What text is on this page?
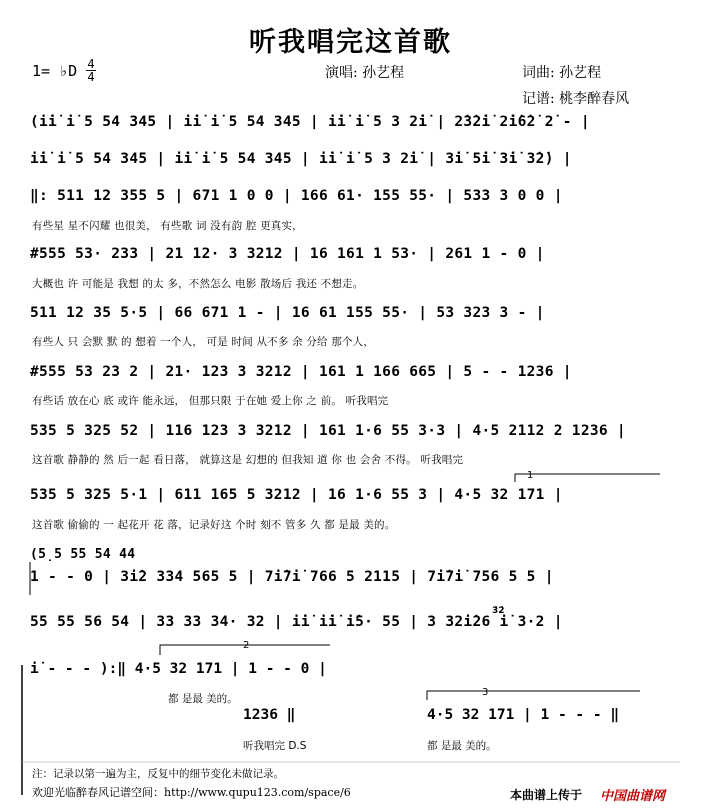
听我唱完这首歌
1= ♭D 4
4	演唱: 孙艺程	词曲: 孙艺程
记谱: 桃李醉春风
(i̇i̇ i̇ 5 54 345 | i̇i̇ i̇ 5 54 345 | i̇i̇ i̇ 5 3 2̇i̇ | 2̇3̇2̇i̇ 2̇i̇6̇2̇ 2̇ - |
i̇i̇ i̇ 5 54 345 | i̇i̇ i̇ 5 54 345 | i̇i̇ i̇ 5 3 2̇i̇ | 3̇i̇ 5̇i̇ 3̇i̇ 3̇2̇) |
‖: 511 12 355 5 | 671 1 0 0 | 166 61· 155 55· | 533 3 0 0 |
有些星 星不闪耀 也很美， 有些歌 词 没有韵 腔 更真实，
#555 53· 233 | 21 12· 3 3212 | 16 161 1 53· | 261 1 - 0 |
大概也 许 可能是 我想 的太 多，不然怎么 电影 散场后 我还 不想走。
511 12 35 5·5 | 66 671 1 - | 16 61 155 55· | 53 323 3 - |
有些人 只 会默 默 的 想着 一个人， 可是 时间 从不多 余 分给 那个人，
#555 53 23 2 | 21· 123 3 3212 | 161 1 166 665 | 5 - - 1236 |
有些话 放在心 底 或许 能永远， 但那只限 于在她 爱上你 之 前。 听我唱完
535 5 325 52 | 116 123 3 3212 | 161 1·6 55 3·3 | 4·5 2112 2 1236 |
这首歌 静静的 然 后一起 看日落， 就算这是 幻想的 但我知 道 你 也 会舍 不得。 听我唱完
535 5 325 5·1 | 611 165 5 3212 | 16 1·6 55 3 | 4·5 32 171 |
这首歌 偷偷的 一 起花开 花 落，记录好这 个时 刻不 管多 久 都 是最 美的。
(5̣5 55 54 44
1 - - 0 | 3i̇2 334 565 5 | 7i̇7i̇ 766 5 2115 | 7i̇7i̇ 756 5 5 |
55 55 56 54 | 33 33 34· 32 | i̇i̇ i̇i̇ i̇5· 55 | 3 32i̇26 i̇ 3·2 |
3̇2̇
i̇ - - - ):‖ 4·5 32 171 | 1 - - 0 |
都 是最 美的。
2
1
1236 ‖
听我唱完 D.S
4·5 32 171 | 1 - - - ‖
都 是最 美的。
3
注：记录以第一遍为主，反复中的细节变化未做记录。
欢迎光临醉春风记谱空间：http://www.qupu123.com/space/6	本曲谱上传于 中国曲谱网
